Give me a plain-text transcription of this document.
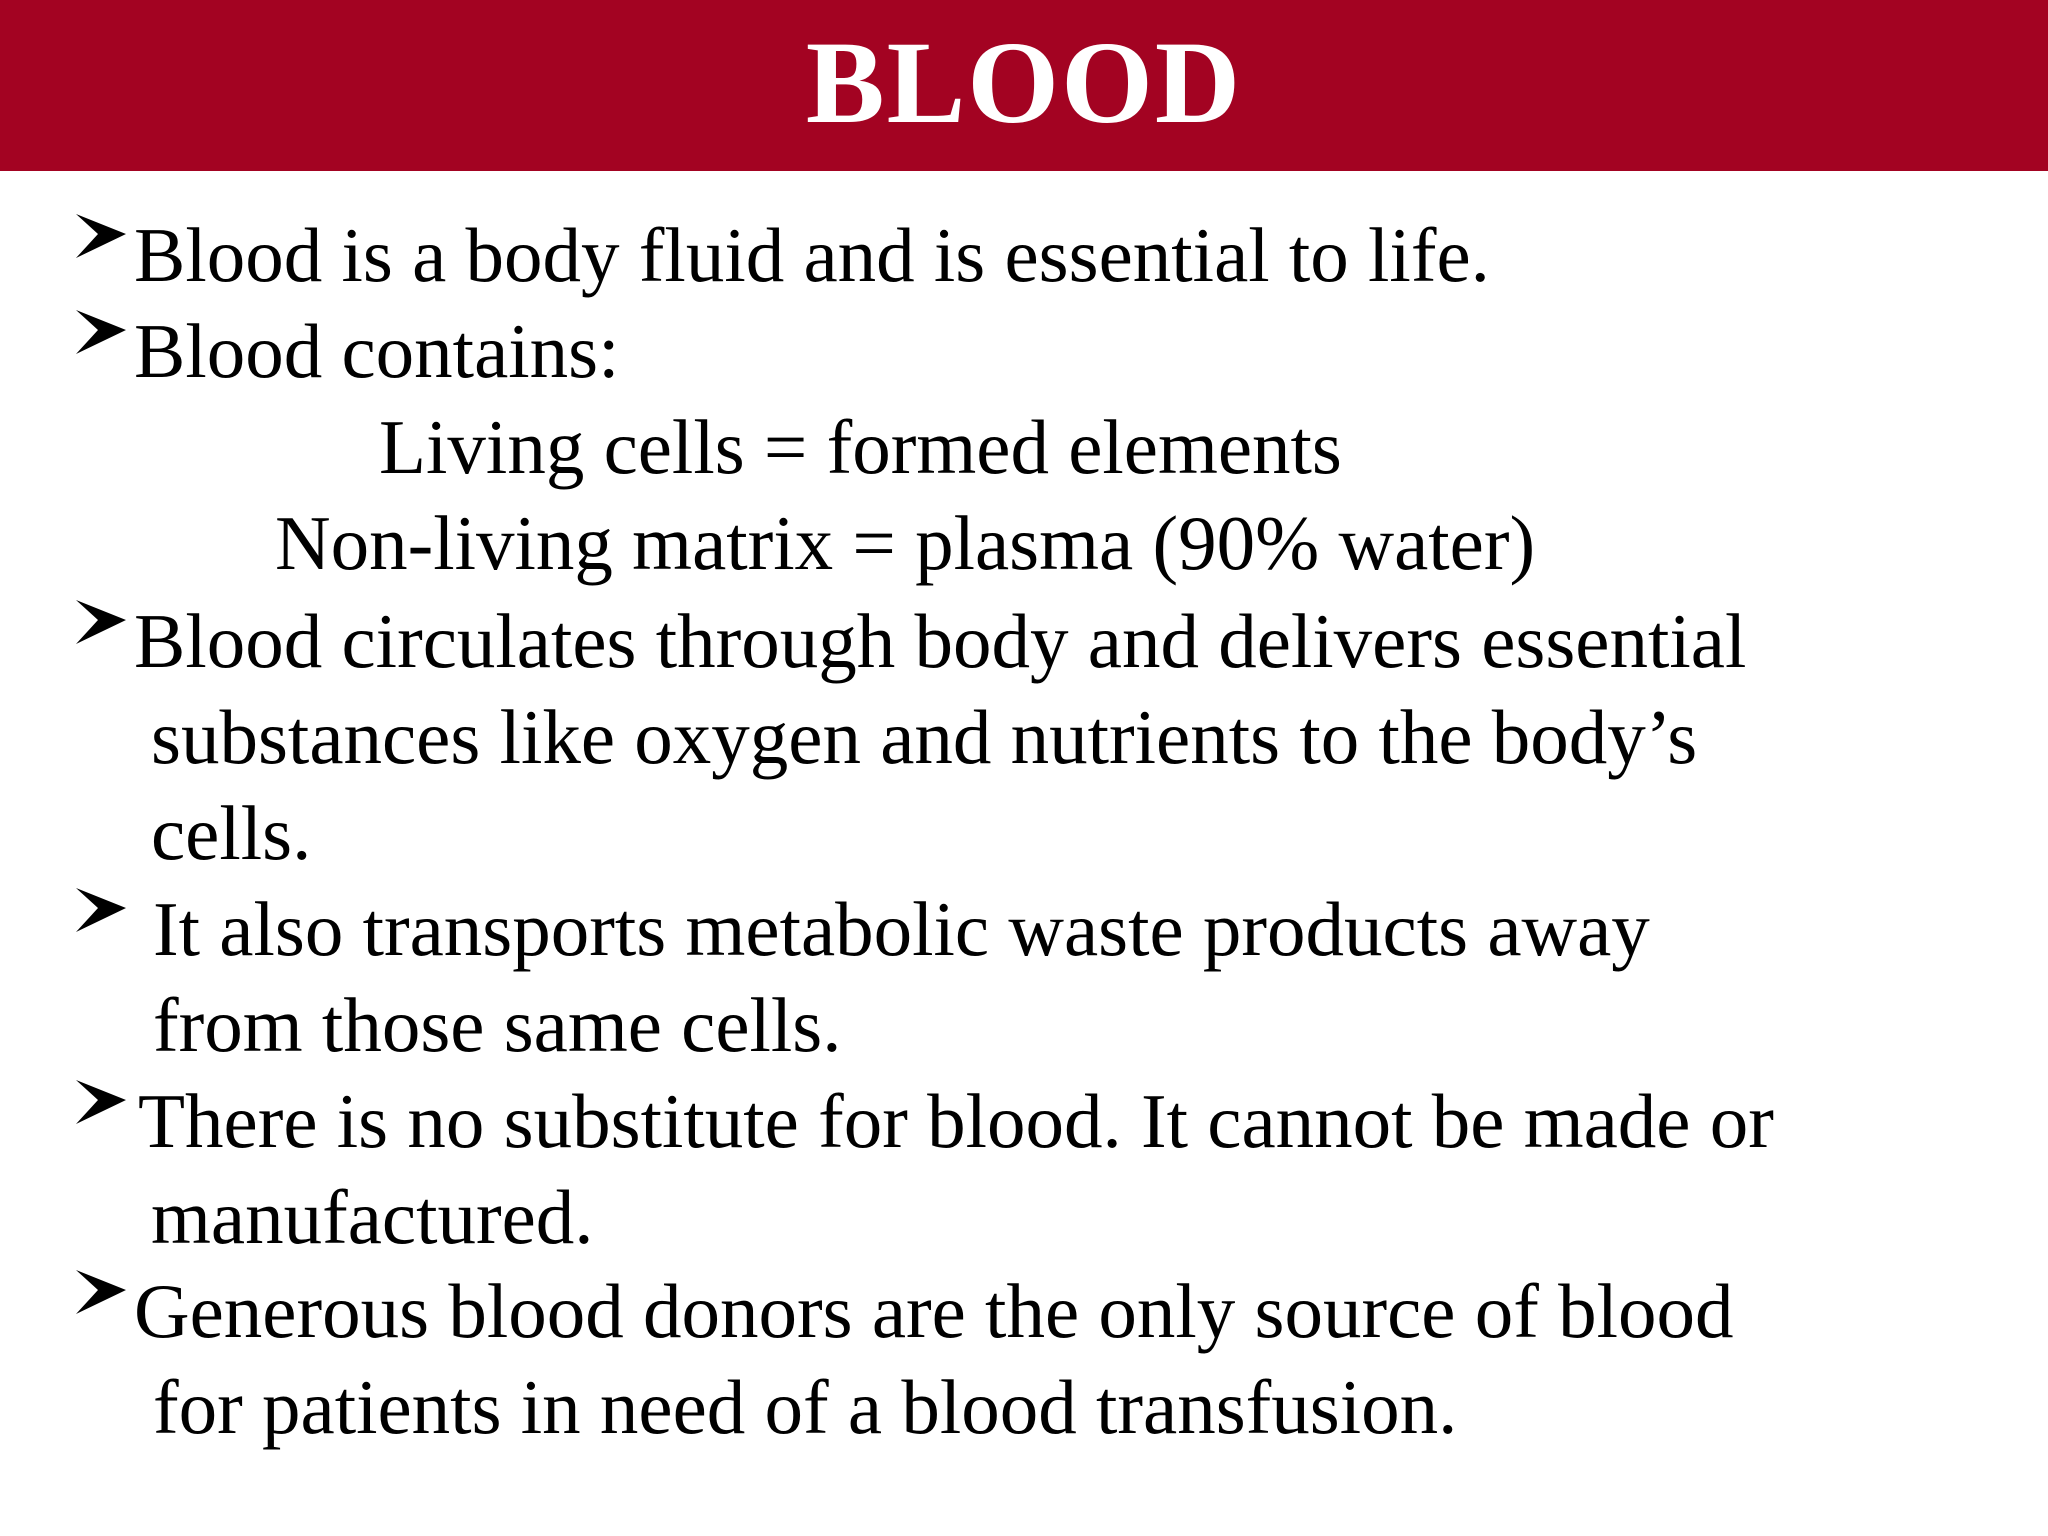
BLOOD
Blood is a body fluid and is essential to life.
Blood contains:
Living cells = formed elements
Non-living matrix = plasma (90% water)
Blood circulates through body and delivers essential
substances like oxygen and nutrients to the body’s
cells.
It also transports metabolic waste products away
from those same cells.
There is no substitute for blood. It cannot be made or
manufactured.
Generous blood donors are the only source of blood
for patients in need of a blood transfusion.
